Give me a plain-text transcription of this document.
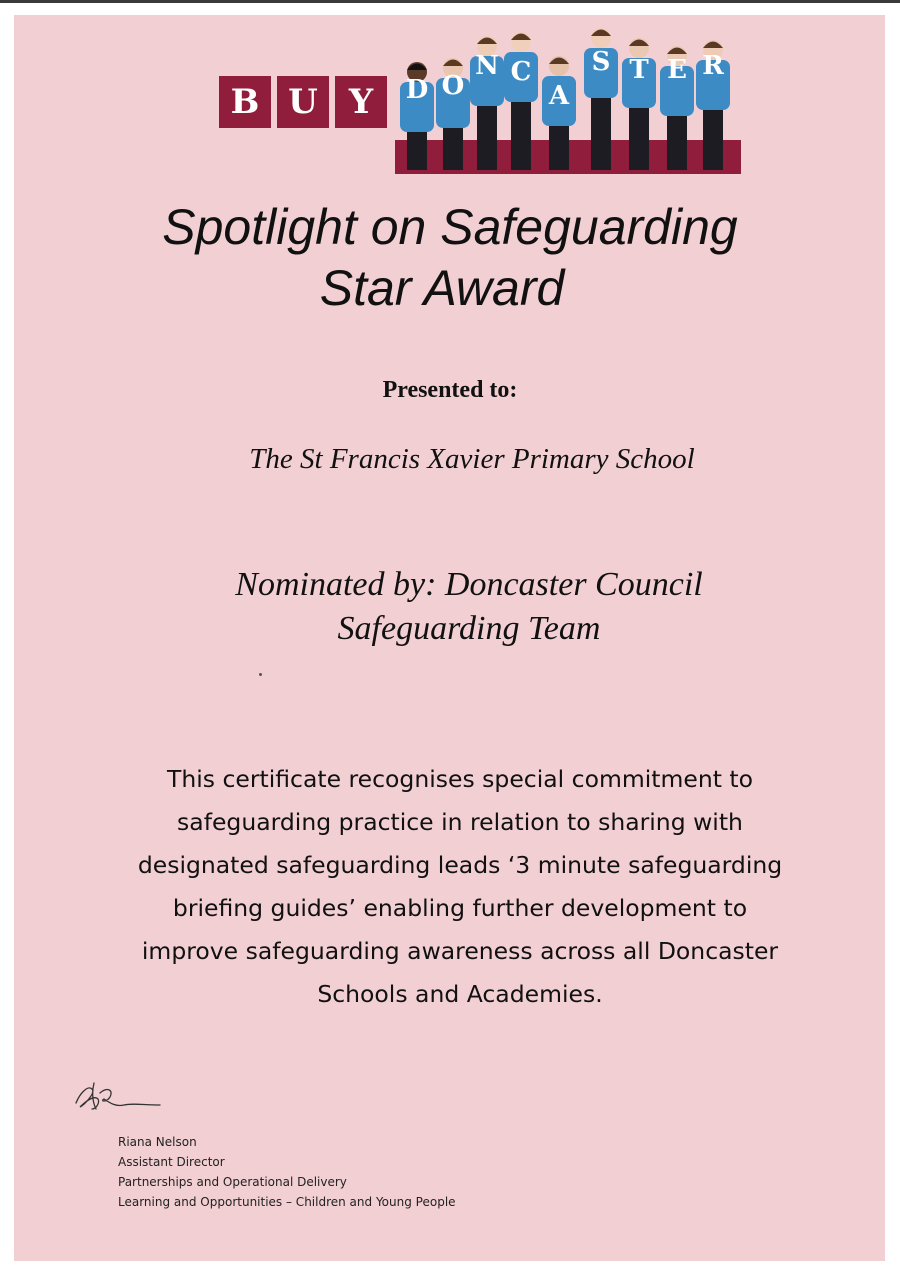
B U Y	D O
N C
A
S T E R
Spotlight on Safeguarding
Star Award
Presented to:
The St Francis Xavier Primary School
Nominated by: Doncaster Council
Safeguarding Team
This certificate recognises special commitment to
safeguarding practice in relation to sharing with
designated safeguarding leads ‘3 minute safeguarding
briefing guides’ enabling further development to
improve safeguarding awareness across all Doncaster
Schools and Academies.
Riana Nelson
Assistant Director
Partnerships and Operational Delivery
Learning and Opportunities – Children and Young People
